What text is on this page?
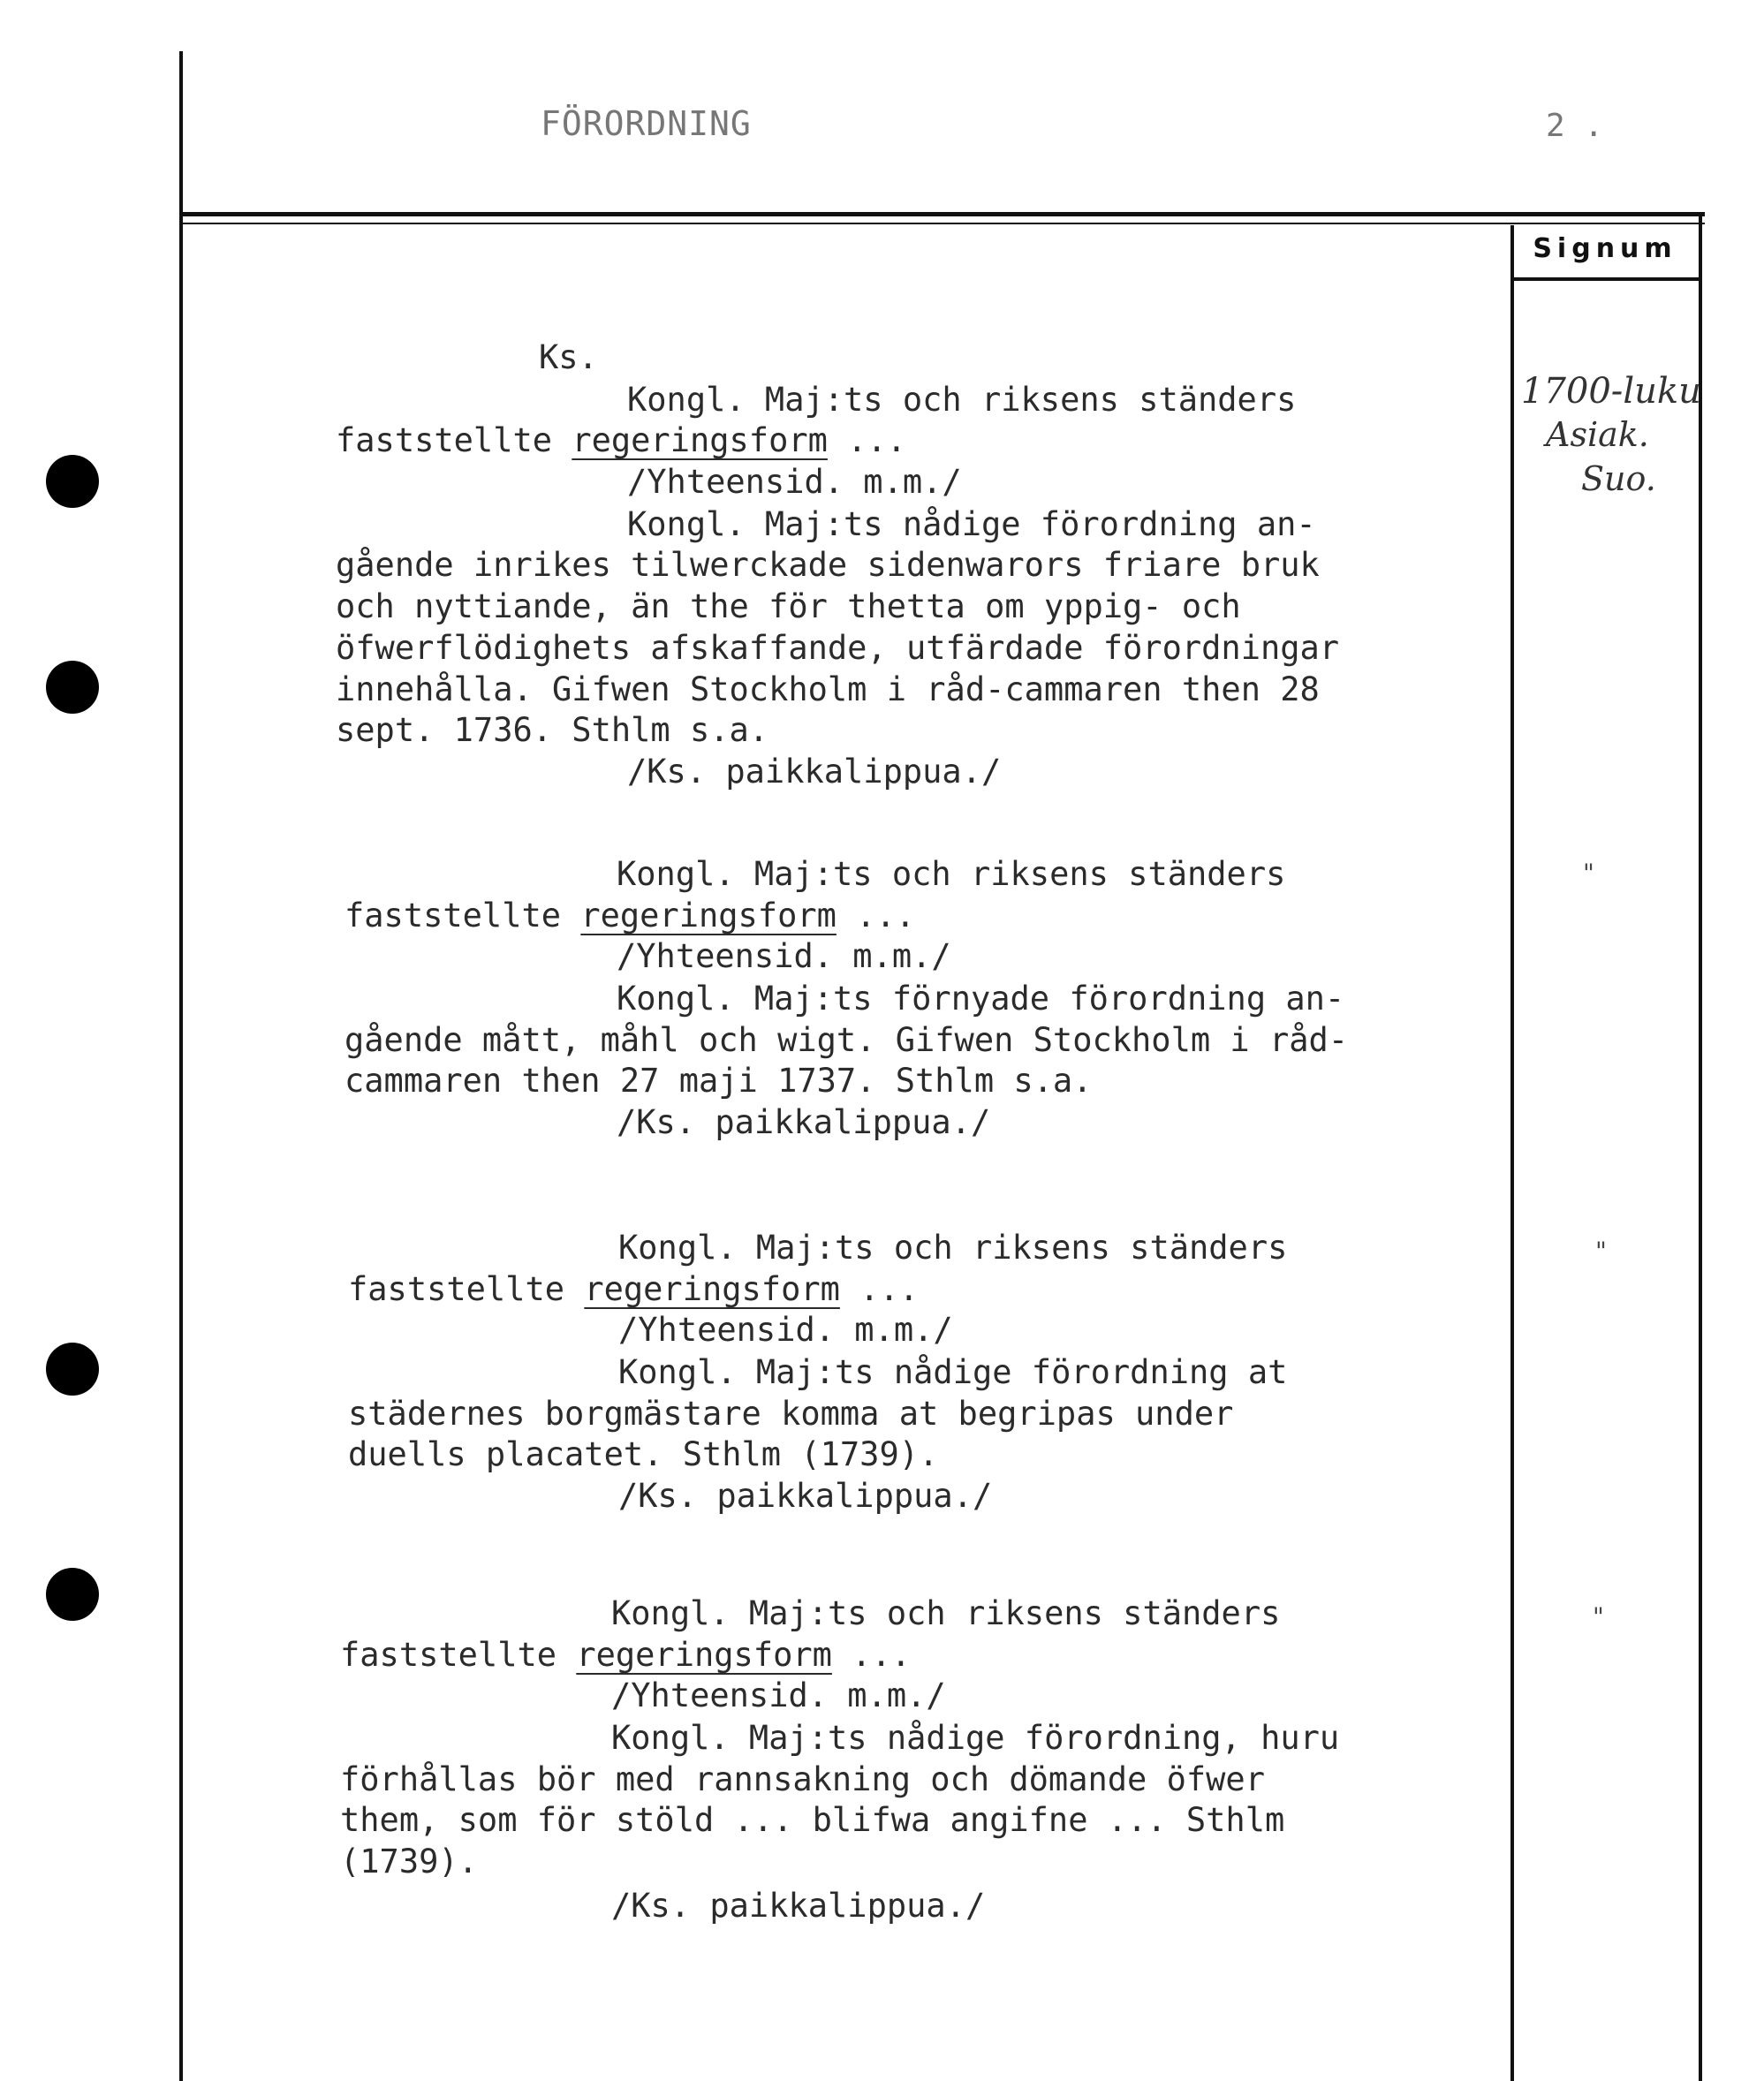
FÖRORDNING	2 .
Signum
1700-luku
Asiak.
Suo.
"
"
"
Ks.
Kongl. Maj:ts och riksens ständers
faststellte regeringsform ...
/Yhteensid. m.m./
Kongl. Maj:ts nådige förordning an-
gående inrikes tilwerckade sidenwarors friare bruk
och nyttiande, än the för thetta om yppig- och
öfwerflödighets afskaffande, utfärdade förordningar
innehålla. Gifwen Stockholm i råd-cammaren then 28
sept. 1736. Sthlm s.a.
/Ks. paikkalippua./
Kongl. Maj:ts och riksens ständers
faststellte regeringsform ...
/Yhteensid. m.m./
Kongl. Maj:ts förnyade förordning an-
gående mått, måhl och wigt. Gifwen Stockholm i råd-
cammaren then 27 maji 1737. Sthlm s.a.
/Ks. paikkalippua./
Kongl. Maj:ts och riksens ständers
faststellte regeringsform ...
/Yhteensid. m.m./
Kongl. Maj:ts nådige förordning at
städernes borgmästare komma at begripas under
duells placatet. Sthlm (1739).
/Ks. paikkalippua./
Kongl. Maj:ts och riksens ständers
faststellte regeringsform ...
/Yhteensid. m.m./
Kongl. Maj:ts nådige förordning, huru
förhållas bör med rannsakning och dömande öfwer
them, som för stöld ... blifwa angifne ... Sthlm
(1739).
/Ks. paikkalippua./
